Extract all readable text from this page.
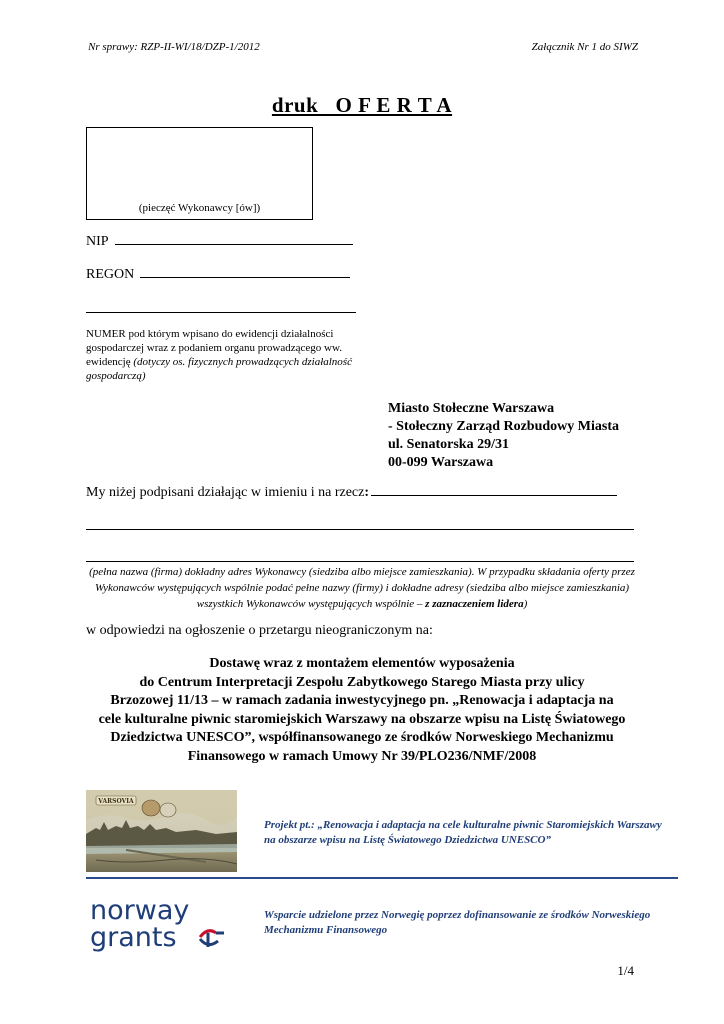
Nr sprawy: RZP-II-WI/18/DZP-1/2012	Załącznik Nr 1 do SIWZ
druk   O F E R T A
(pieczęć Wykonawcy [ów])
NIP
REGON
NUMER pod którym wpisano do ewidencji działalności gospodarczej wraz z podaniem organu prowadzącego ww. ewidencję (dotyczy os. fizycznych prowadzących działalność gospodarczą)
Miasto Stołeczne Warszawa
- Stołeczny Zarząd Rozbudowy Miasta
ul. Senatorska 29/31
00-099 Warszawa
My niżej podpisani działając w imieniu i na rzecz:
(pełna nazwa (firma) dokładny adres Wykonawcy (siedziba albo miejsce zamieszkania). W przypadku składania oferty przez Wykonawców występujących wspólnie podać pełne nazwy (firmy) i dokładne adresy (siedziba albo miejsce zamieszkania) wszystkich Wykonawców występujących wspólnie – z zaznaczeniem lidera)
w odpowiedzi na ogłoszenie o przetargu nieograniczonym na:
Dostawę wraz z montażem elementów wyposażenia
do Centrum Interpretacji Zespołu Zabytkowego Starego Miasta przy ulicy
Brzozowej 11/13 – w ramach zadania inwestycyjnego pn. „Renowacja i adaptacja na
cele kulturalne piwnic staromiejskich Warszawy na obszarze wpisu na Listę Światowego
Dziedzictwa UNESCO”, współfinansowanego ze środków Norweskiego Mechanizmu
Finansowego w ramach Umowy Nr 39/PLO236/NMF/2008
VARSOVIA
Projekt pt.: „Renowacja i adaptacja na cele kulturalne piwnic Staromiejskich Warszawy na obszarze wpisu na Listę Światowego Dziedzictwa UNESCO”
norway
grants
Wsparcie udzielone przez Norwegię poprzez dofinansowanie ze środków Norweskiego Mechanizmu Finansowego
1/4
